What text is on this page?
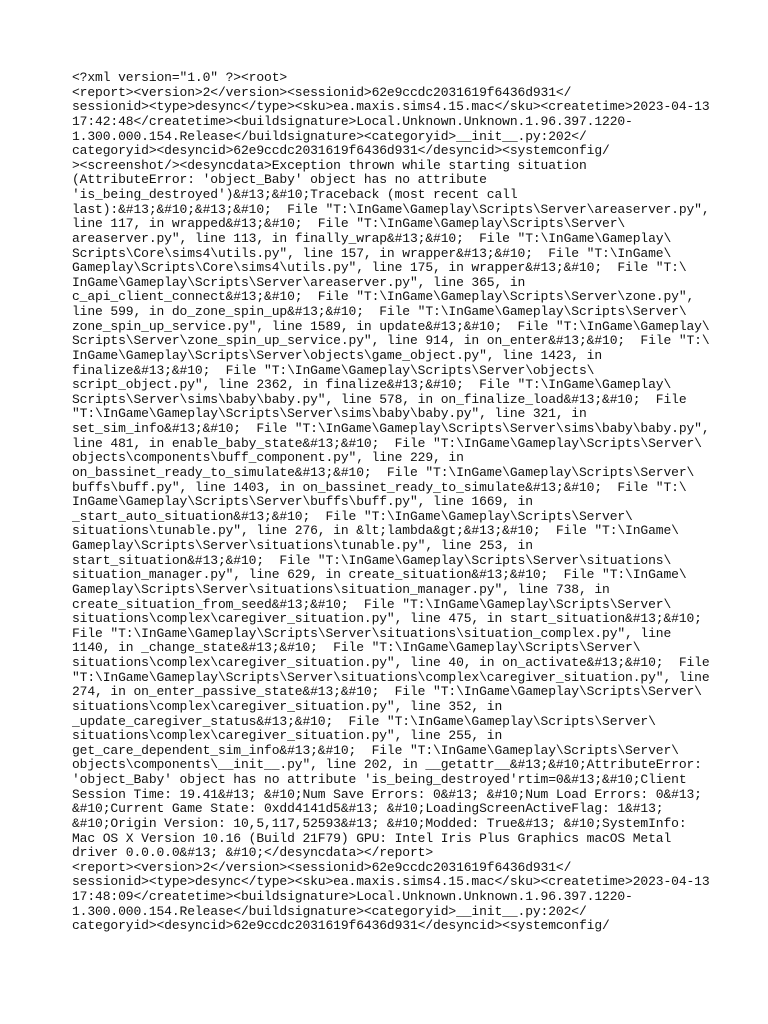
<?xml version="1.0" ?><root>
<report><version>2</version><sessionid>62e9ccdc2031619f6436d931</
sessionid><type>desync</type><sku>ea.maxis.sims4.15.mac</sku><createtime>2023-04-13
17:42:48</createtime><buildsignature>Local.Unknown.Unknown.1.96.397.1220-
1.300.000.154.Release</buildsignature><categoryid>__init__.py:202</
categoryid><desyncid>62e9ccdc2031619f6436d931</desyncid><systemconfig/
><screenshot/><desyncdata>Exception thrown while starting situation
(AttributeError: 'object_Baby' object has no attribute
'is_being_destroyed')&#13;&#10;Traceback (most recent call
last):&#13;&#10;&#13;&#10;  File "T:\InGame\Gameplay\Scripts\Server\areaserver.py",
line 117, in wrapped&#13;&#10;  File "T:\InGame\Gameplay\Scripts\Server\
areaserver.py", line 113, in finally_wrap&#13;&#10;  File "T:\InGame\Gameplay\
Scripts\Core\sims4\utils.py", line 157, in wrapper&#13;&#10;  File "T:\InGame\
Gameplay\Scripts\Core\sims4\utils.py", line 175, in wrapper&#13;&#10;  File "T:\
InGame\Gameplay\Scripts\Server\areaserver.py", line 365, in
c_api_client_connect&#13;&#10;  File "T:\InGame\Gameplay\Scripts\Server\zone.py",
line 599, in do_zone_spin_up&#13;&#10;  File "T:\InGame\Gameplay\Scripts\Server\
zone_spin_up_service.py", line 1589, in update&#13;&#10;  File "T:\InGame\Gameplay\
Scripts\Server\zone_spin_up_service.py", line 914, in on_enter&#13;&#10;  File "T:\
InGame\Gameplay\Scripts\Server\objects\game_object.py", line 1423, in
finalize&#13;&#10;  File "T:\InGame\Gameplay\Scripts\Server\objects\
script_object.py", line 2362, in finalize&#13;&#10;  File "T:\InGame\Gameplay\
Scripts\Server\sims\baby\baby.py", line 578, in on_finalize_load&#13;&#10;  File
"T:\InGame\Gameplay\Scripts\Server\sims\baby\baby.py", line 321, in
set_sim_info&#13;&#10;  File "T:\InGame\Gameplay\Scripts\Server\sims\baby\baby.py",
line 481, in enable_baby_state&#13;&#10;  File "T:\InGame\Gameplay\Scripts\Server\
objects\components\buff_component.py", line 229, in
on_bassinet_ready_to_simulate&#13;&#10;  File "T:\InGame\Gameplay\Scripts\Server\
buffs\buff.py", line 1403, in on_bassinet_ready_to_simulate&#13;&#10;  File "T:\
InGame\Gameplay\Scripts\Server\buffs\buff.py", line 1669, in
_start_auto_situation&#13;&#10;  File "T:\InGame\Gameplay\Scripts\Server\
situations\tunable.py", line 276, in &lt;lambda&gt;&#13;&#10;  File "T:\InGame\
Gameplay\Scripts\Server\situations\tunable.py", line 253, in
start_situation&#13;&#10;  File "T:\InGame\Gameplay\Scripts\Server\situations\
situation_manager.py", line 629, in create_situation&#13;&#10;  File "T:\InGame\
Gameplay\Scripts\Server\situations\situation_manager.py", line 738, in
create_situation_from_seed&#13;&#10;  File "T:\InGame\Gameplay\Scripts\Server\
situations\complex\caregiver_situation.py", line 475, in start_situation&#13;&#10;
File "T:\InGame\Gameplay\Scripts\Server\situations\situation_complex.py", line
1140, in _change_state&#13;&#10;  File "T:\InGame\Gameplay\Scripts\Server\
situations\complex\caregiver_situation.py", line 40, in on_activate&#13;&#10;  File
"T:\InGame\Gameplay\Scripts\Server\situations\complex\caregiver_situation.py", line
274, in on_enter_passive_state&#13;&#10;  File "T:\InGame\Gameplay\Scripts\Server\
situations\complex\caregiver_situation.py", line 352, in
_update_caregiver_status&#13;&#10;  File "T:\InGame\Gameplay\Scripts\Server\
situations\complex\caregiver_situation.py", line 255, in
get_care_dependent_sim_info&#13;&#10;  File "T:\InGame\Gameplay\Scripts\Server\
objects\components\__init__.py", line 202, in __getattr__&#13;&#10;AttributeError:
'object_Baby' object has no attribute 'is_being_destroyed'rtim=0&#13;&#10;Client
Session Time: 19.41&#13; &#10;Num Save Errors: 0&#13; &#10;Num Load Errors: 0&#13;
&#10;Current Game State: 0xdd4141d5&#13; &#10;LoadingScreenActiveFlag: 1&#13;
&#10;Origin Version: 10,5,117,52593&#13; &#10;Modded: True&#13; &#10;SystemInfo:
Mac OS X Version 10.16 (Build 21F79) GPU: Intel Iris Plus Graphics macOS Metal
driver 0.0.0.0&#13; &#10;</desyncdata></report>
<report><version>2</version><sessionid>62e9ccdc2031619f6436d931</
sessionid><type>desync</type><sku>ea.maxis.sims4.15.mac</sku><createtime>2023-04-13
17:48:09</createtime><buildsignature>Local.Unknown.Unknown.1.96.397.1220-
1.300.000.154.Release</buildsignature><categoryid>__init__.py:202</
categoryid><desyncid>62e9ccdc2031619f6436d931</desyncid><systemconfig/
